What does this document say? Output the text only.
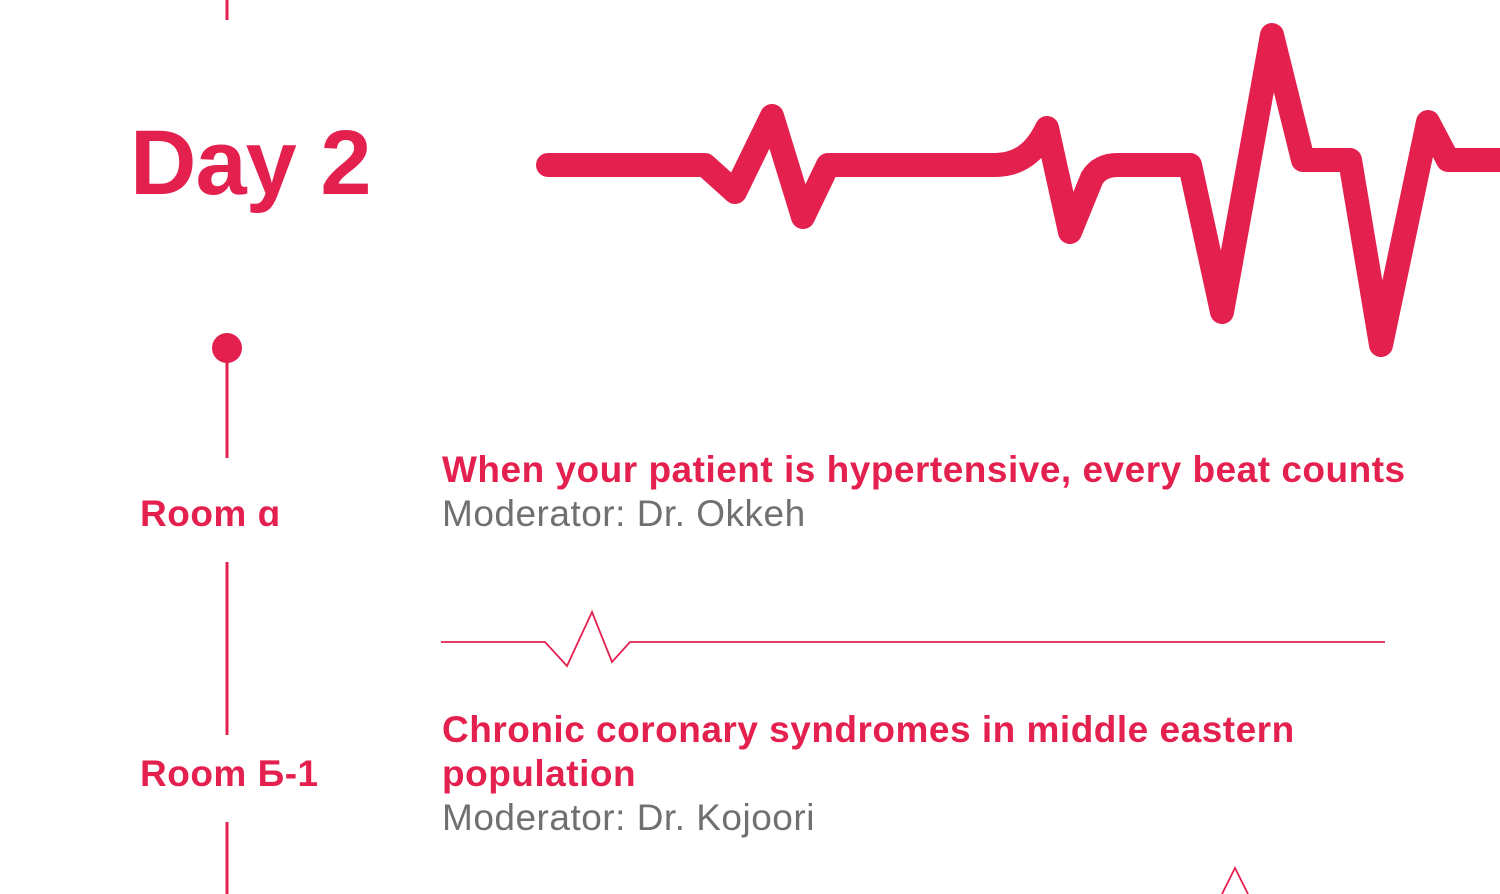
Day 2

Room ɑ

When your patient is hypertensive, every beat counts

Moderator: Dr. Okkeh

Room Б-1

Chronic coronary syndromes in middle eastern population

Moderator: Dr. Kojoori
